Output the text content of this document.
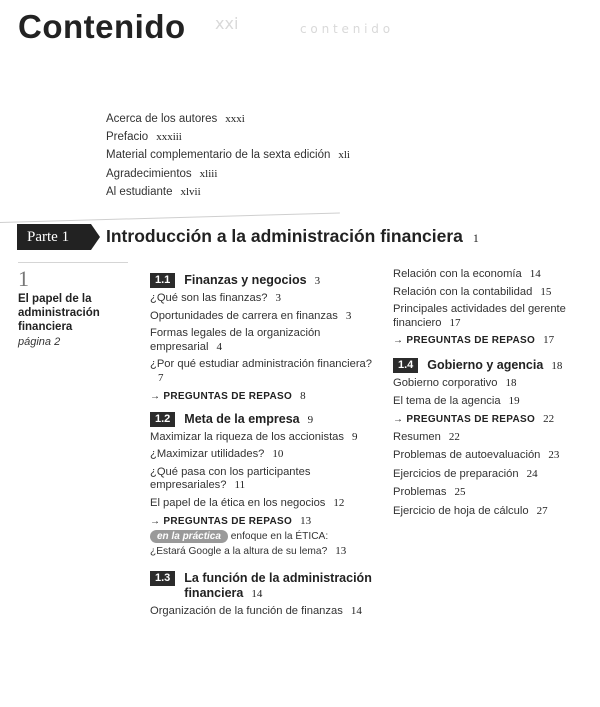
Contenido xxi	c o n t e n i d o
Acerca de los autores xxxi
Prefacio xxxiii
Material complementario de la sexta edición xli
Agradecimientos xliii
Al estudiante xlvii
Parte 1	Introducción a la administración financiera 1
1
El papel de la administración financiera
página 2
1.1	Finanzas y negocios 3
¿Qué son las finanzas? 3
Oportunidades de carrera en finanzas 3
Formas legales de la organización empresarial 4
¿Por qué estudiar administración financiera?7
→ PREGUNTAS DE REPASO 8
1.2	Meta de la empresa 9
Maximizar la riqueza de los accionistas 9
¿Maximizar utilidades? 10
¿Qué pasa con los participantes empresariales? 11
El papel de la ética en los negocios 12
→ PREGUNTAS DE REPASO 13
en la práctica enfoque en la ÉTICA:
¿Estará Google a la altura de su lema? 13
1.3	La función de la administración financiera 14
Organización de la función de finanzas 14
Relación con la economía 14
Relación con la contabilidad 15
Principales actividades del gerente financiero 17
→ PREGUNTAS DE REPASO 17
1.4	Gobierno y agencia 18
Gobierno corporativo 18
El tema de la agencia 19
→ PREGUNTAS DE REPASO 22
Resumen 22
Problemas de autoevaluación 23
Ejercicios de preparación 24
Problemas 25
Ejercicio de hoja de cálculo 27
